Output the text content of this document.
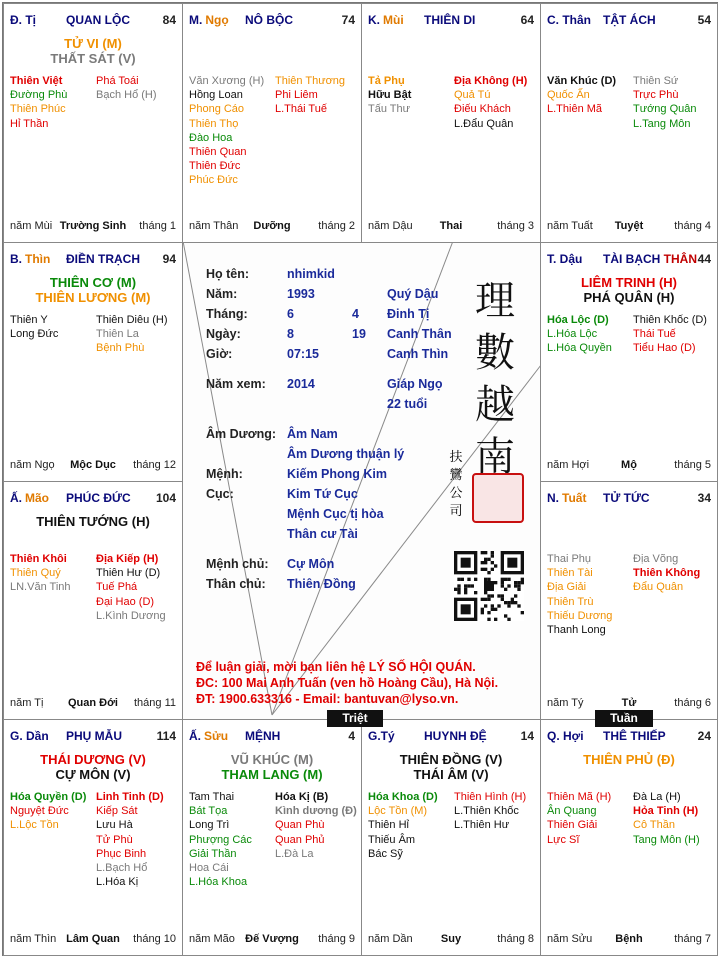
Đ. Tị	QUAN LỘC	84
TỬ VI (M)
THẤT SÁT (V)
Thiên Việt
Đường Phù
Thiên Phúc
Hỉ Thần
Phá Toái
Bạch Hổ (H)
năm Mùi Trường Sinh	tháng 1
M. Ngọ NÔ BỘC	74
Văn Xương (H)
Hồng Loan
Phong Cáo
Thiên Thọ
Đào Hoa
Thiên Quan
Thiên Đức
Phúc Đức
Thiên Thương
Phi Liêm
L.Thái Tuế
năm Thân	Dưỡng	tháng 2
K. Mùi THIÊN DI	64
Tả Phụ
Hữu Bật
Tấu Thư
Địa Không (H)
Quả Tú
Điếu Khách
L.Đẩu Quân
năm Dậu	Thai	tháng 3
C. Thân TẬT ÁCH	54
Văn Khúc (D)
Quốc Ấn
L.Thiên Mã
Thiên Sứ
Trực Phù
Tướng Quân
L.Tang Môn
năm Tuất	Tuyệt	tháng 4
B. Thìn ĐIỀN TRẠCH 94
THIÊN CƠ (M)
THIÊN LƯƠNG (M)
Thiên Y
Long Đức
Thiên Diêu (H)
Thiên La
Bệnh Phù
năm Ngọ	Mộc Dục	tháng 12
T. Dậu TÀI BẠCH THÂN 44
LIÊM TRINH (H)
PHÁ QUÂN (H)
Hóa Lộc (D)
L.Hóa Lộc
L.Hóa Quyền
Thiên Khốc (D)
Thái Tuế
Tiểu Hao (D)
năm Hợi	Mộ	tháng 5
Ấ. Mão PHÚC ĐỨC 104
THIÊN TƯỚNG (H)
Thiên Khôi
Thiên Quý
LN.Văn Tinh
Địa Kiếp (H)
Thiên Hư (D)
Tuế Phá
Đại Hao (D)
L.Kình Dương
năm Tị	Quan Đới	tháng 11
N. Tuất TỬ TỨC	34
Thai Phụ
Thiên Tài
Địa Giải
Thiên Trù
Thiếu Dương
Thanh Long
Địa Võng
Thiên Không
Đẩu Quân
năm Tý	Tử	tháng 6
G. Dần PHỤ MẪU	114
THÁI DƯƠNG (V)
CỰ MÔN (V)
Hóa Quyền (D)
Nguyệt Đức
L.Lộc Tồn
Linh Tinh (D)
Kiếp Sát
Lưu Hà
Tử Phù
Phục Binh
L.Bạch Hổ
L.Hóa Kị
năm Thìn Lâm Quan	tháng 10
Ấ. Sửu MỆNH	4
VŨ KHÚC (M)
THAM LANG (M)
Tam Thai
Bát Tọa
Long Trì
Phượng Các
Giải Thần
Hoa Cái
L.Hóa Khoa
Hóa Kị (B)
Kình dương (Đ)
Quan Phù
Quan Phủ
L.Đà La
năm Mão Đế Vượng	tháng 9
G.Tý HUYNH ĐỆ	14
THIÊN ĐỒNG (V)
THÁI ÂM (V)
Hóa Khoa (D)
Lộc Tồn (M)
Thiên Hỉ
Thiếu Âm
Bác Sỹ
Thiên Hình (H)
L.Thiên Khốc
L.Thiên Hư
năm Dần	Suy	tháng 8
Q. Hợi THÊ THIẾP	24
THIÊN PHỦ (Đ)
Thiên Mã (H)
Ân Quang
Thiên Giải
Lực Sĩ
Đà La (H)
Hỏa Tinh (H)
Cô Thần
Tang Môn (H)
năm Sửu	Bệnh	tháng 7
Họ tên:	nhimkid
Năm:	1993	Quý Dậu
Tháng:	6	4 Đinh Tị
Ngày:	8	19 Canh Thân
Giờ:	07:15	Canh Thìn
Năm xem: 2014	Giáp Ngọ
22 tuổi
Âm Dương: Âm Nam
Âm Dương thuận lý
Mệnh:	Kiếm Phong Kim
Cục:	Kim Tứ Cục
Mệnh Cục tị hòa
Thân cư Tài
Mệnh chủ: Cự Môn
Thân chủ: Thiên Đồng
理
數
越
南
扶
鸞
公
司
Để luận giải, mời bạn liên hệ LÝ SỐ HỘI QUÁN.
ĐC: 100 Mai Anh Tuấn (ven hồ Hoàng Cầu), Hà Nội.
ĐT: 1900.633316 - Email: bantuvan@lyso.vn.
Triệt	Tuần
